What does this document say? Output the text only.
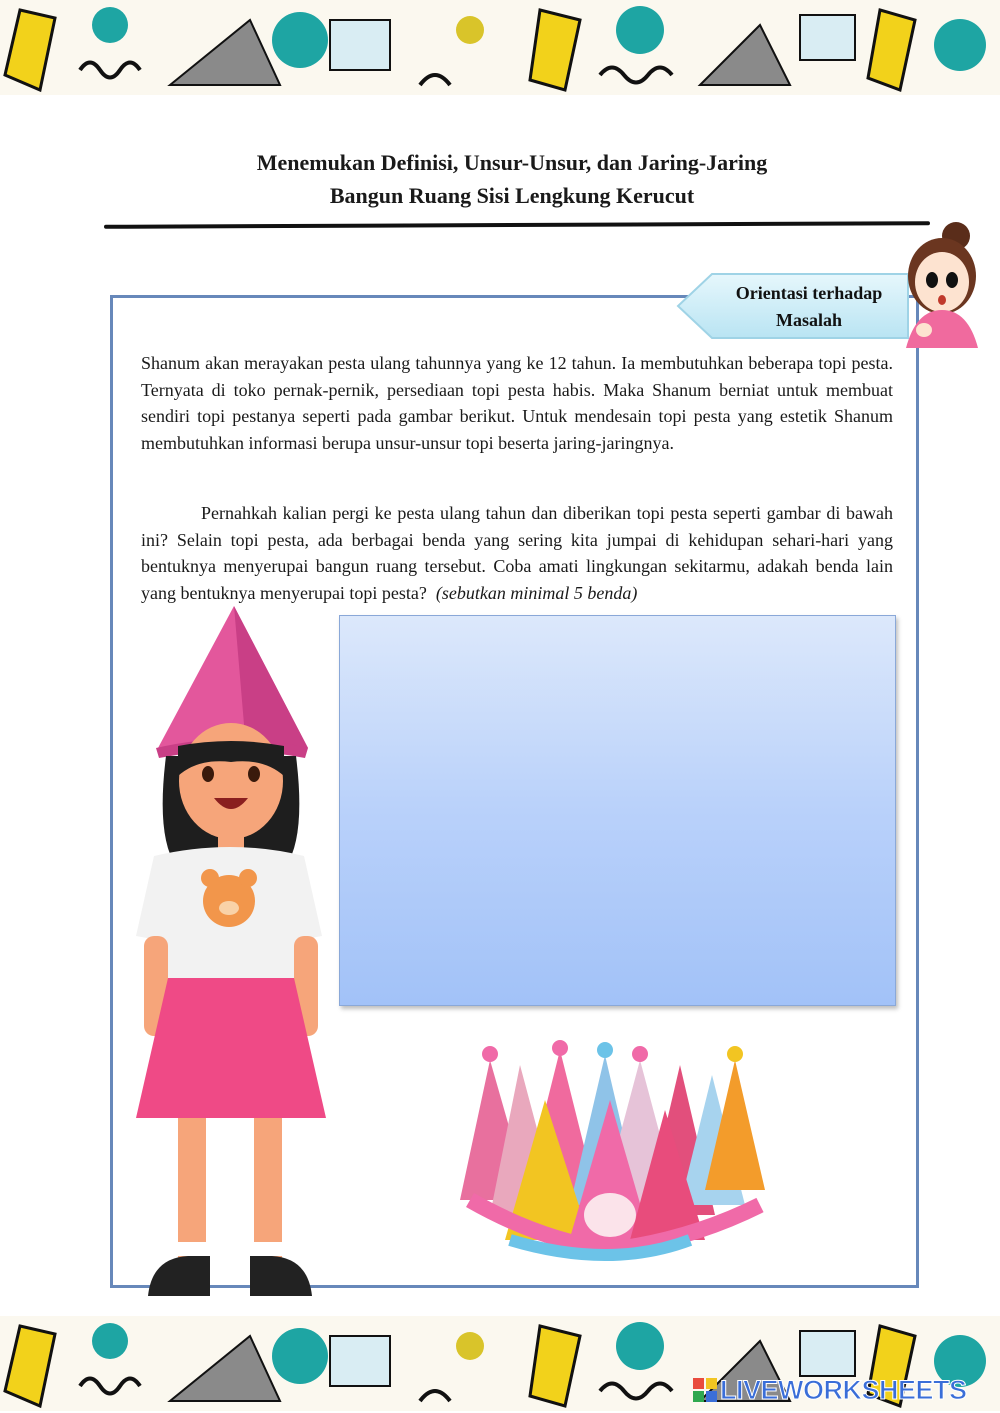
Menemukan Definisi, Unsur-Unsur, dan Jaring-Jaring
Bangun Ruang Sisi Lengkung Kerucut
Orientasi terhadap
Masalah

Shanum akan merayakan pesta ulang tahunnya yang ke 12 tahun. Ia membutuhkan beberapa topi pesta. Ternyata di toko pernak-pernik, persediaan topi pesta habis. Maka Shanum berniat untuk membuat sendiri topi pestanya seperti pada gambar berikut. Untuk mendesain topi pesta yang estetik Shanum membutuhkan informasi berupa unsur-unsur topi beserta jaring-jaringnya.

Pernahkah kalian pergi ke pesta ulang tahun dan diberikan topi pesta seperti gambar di bawah ini? Selain topi pesta, ada berbagai benda yang sering kita jumpai di kehidupan sehari-hari yang bentuknya menyerupai bangun ruang tersebut. Coba amati lingkungan sekitarmu, adakah benda lain yang bentuknya menyerupai topi pesta? (sebutkan minimal 5 benda)

LIVEWORKSHEETS
